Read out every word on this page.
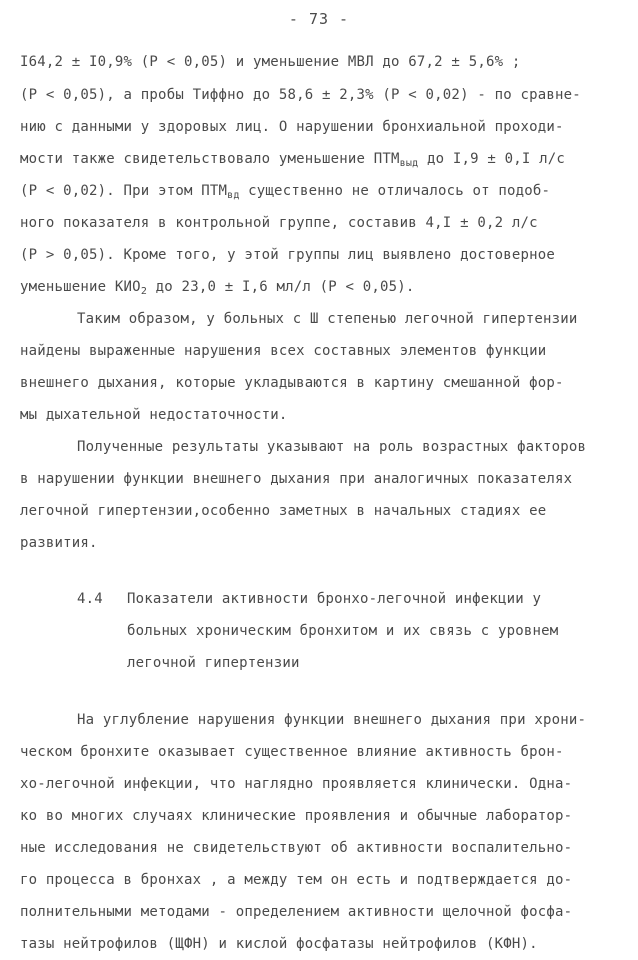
- 73 -
I64,2 ± I0,9% (P < 0,05) и уменьшение МВЛ до 67,2 ± 5,6% ;
(P < 0,05), а пробы Тиффно до 58,6 ± 2,3% (P < 0,02) - по сравне-
нию с данными у здоровых лиц. О нарушении бронхиальной проходи-
мости также свидетельствовало уменьшение $ПТМ_{выд}$ до I,9 ± 0,I л/с
(P < 0,02). При этом $ПТМ_{вд}$ существенно не отличалось от подоб-
ного показателя в контрольной группе, составив 4,I ± 0,2 л/с
(P > 0,05). Кроме того, у этой группы лиц выявлено достоверное
уменьшение $КИО_2$ до 23,0 ± I,6 мл/л (P < 0,05).
Таким образом, у больных с Ш степенью легочной гипертензии
найдены выраженные нарушения всех составных элементов функции
внешнего дыхания, которые укладываются в картину смешанной фор-
мы дыхательной недостаточности.
Полученные результаты указывают на роль возрастных факторов
в нарушении функции внешнего дыхания при аналогичных показателях
легочной гипертензии,особенно заметных в начальных стадиях ее
развития.
4.4 Показатели активности бронхо-легочной инфекции у
больных хроническим бронхитом и их связь с уровнем
легочной гипертензии
На углубление нарушения функции внешнего дыхания при хрони-
ческом бронхите оказывает существенное влияние активность брон-
хо-легочной инфекции, что наглядно проявляется клинически. Одна-
ко во многих случаях клинические проявления и обычные лаборатор-
ные исследования не свидетельствуют об активности воспалительно-
го процесса в бронхах , а между тем он есть и подтверждается до-
полнительными методами - определением активности щелочной фосфа-
тазы нейтрофилов (ЩФН) и кислой фосфатазы нейтрофилов (КФН).
